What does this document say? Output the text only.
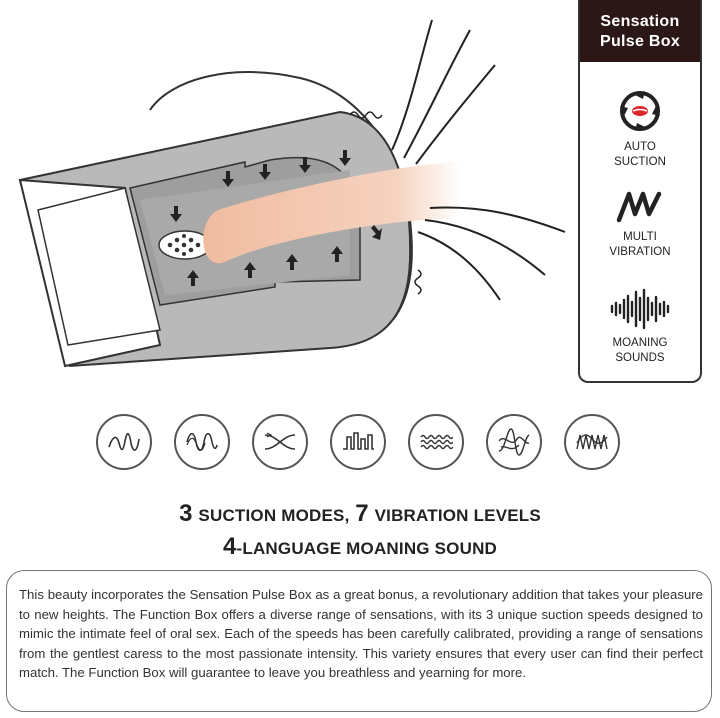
Sensation
Pulse Box
AUTO
SUCTION
MULTI
VIBRATION
MOANING
SOUNDS
3 SUCTION MODES, 7 VIBRATION LEVELS
4-LANGUAGE MOANING SOUND

This beauty incorporates the Sensation Pulse Box as a great bonus, a revolutionary addition that takes your pleasure to new heights. The Function Box offers a diverse range of sensations, with its 3 unique suction speeds designed to mimic the intimate feel of oral sex. Each of the speeds has been carefully calibrated, providing a range of sensations from the gentlest caress to the most passionate intensity. This variety ensures that every user can find their perfect match. The Function Box will guarantee to leave you breathless and yearning for more.
